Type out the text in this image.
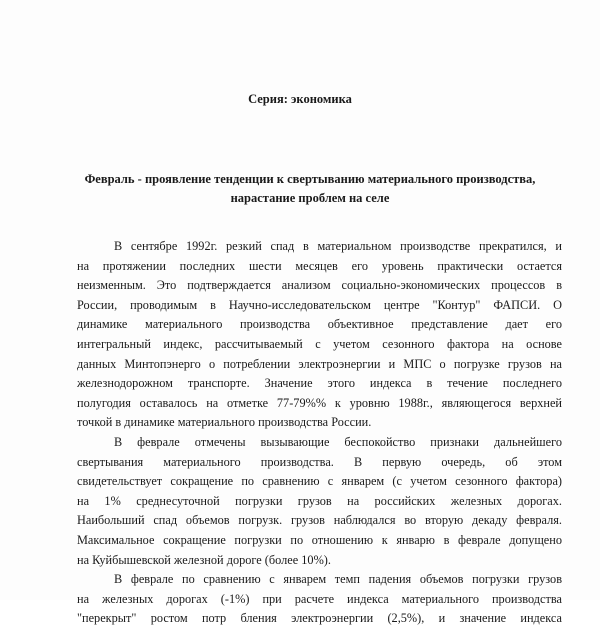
Серия: экономика
Февраль - проявление тенденции к свертыванию материального производства,
нарастание проблем на селе
В сентябре 1992г. резкий спад в материальном производстве прекратился, и
на протяжении последних шести месяцев его уровень практически остается
неизменным. Это подтверждается анализом социально-экономических процессов в
России, проводимым в Научно-исследовательском центре "Контур" ФАПСИ. О
динамике материального производства объективное представление дает его
интегральный индекс, рассчитываемый с учетом сезонного фактора на основе
данных Минтопэнерго о потреблении электроэнергии и МПС о погрузке грузов на
железнодорожном транспорте. Значение этого индекса в течение последнего
полугодия оставалось на отметке 77-79%% к уровню 1988г., являющегося верхней
точкой в динамике материального производства России.
В феврале отмечены вызывающие беспокойство признаки дальнейшего
свертывания материального производства. В первую очередь, об этом
свидетельствует сокращение по сравнению с январем (с учетом сезонного фактора)
на 1% среднесуточной погрузки грузов на российских железных дорогах.
Наибольший спад объемов погрузк. грузов наблюдался во вторую декаду февраля.
Максимальное сокращение погрузки по отношению к январю в феврале допущено
на Куйбышевской железной дороге (более 10%).
В феврале по сравнению с январем темп падения объемов погрузки грузов
на железных дорогах (-1%) при расчете индекса материального производства
"перекрыт" ростом потр бления электроэнергии (2,5%), и значение индекса
